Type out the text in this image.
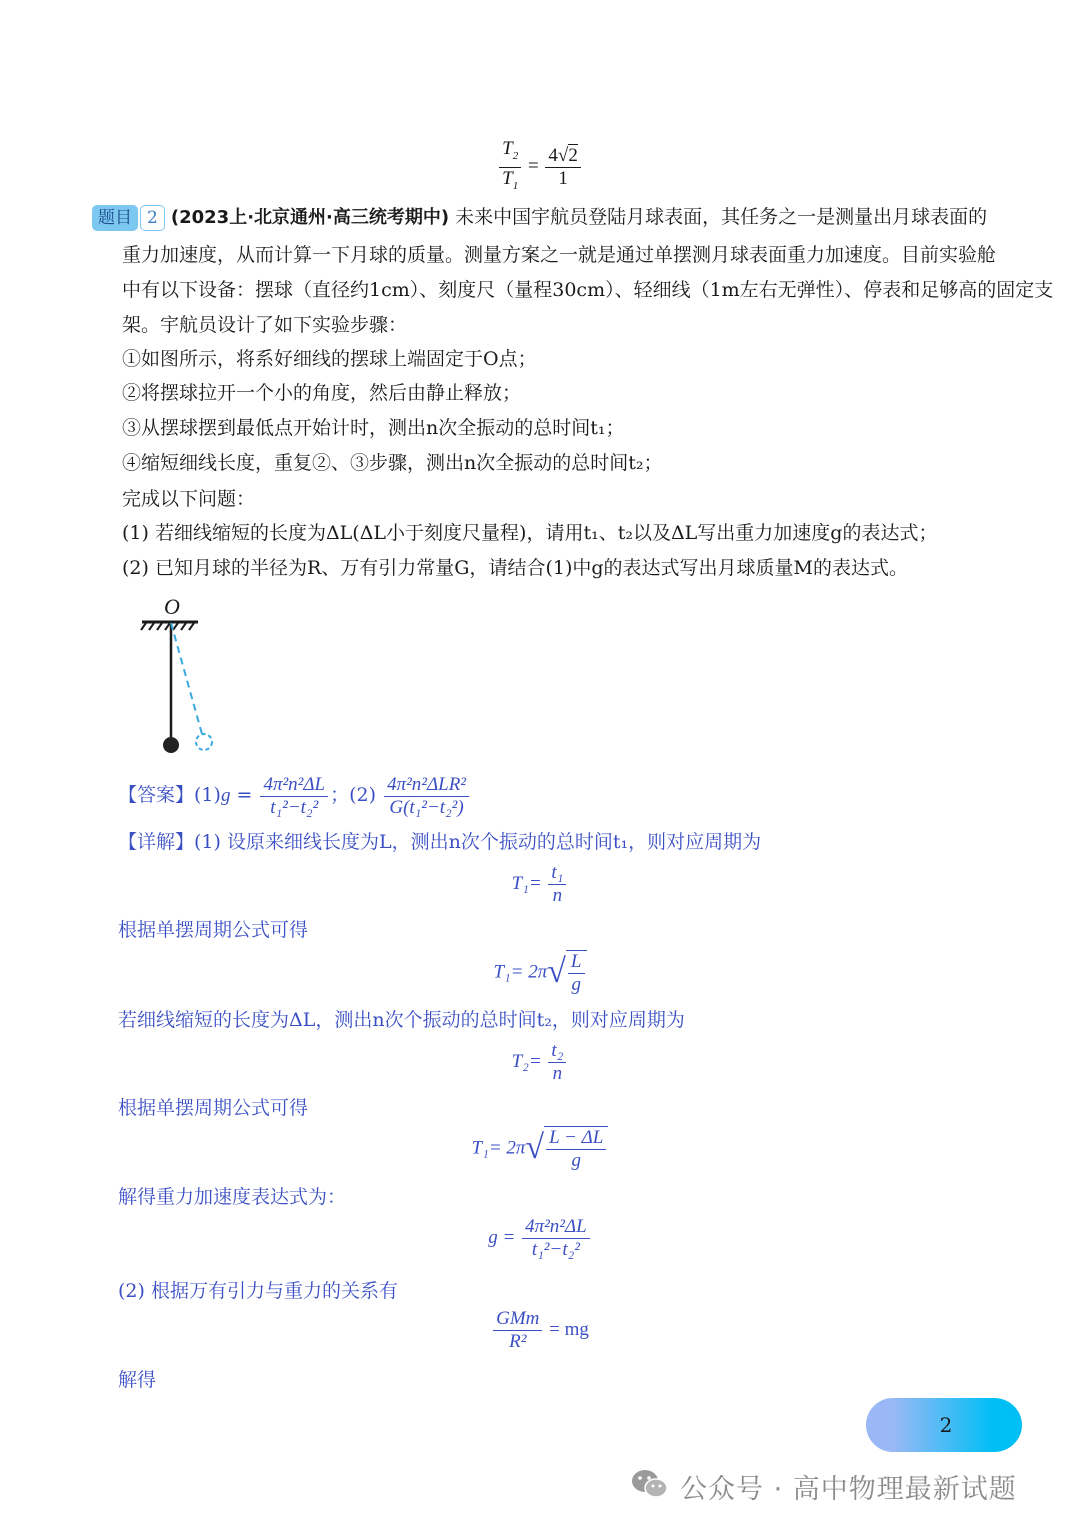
$\frac{T_2}{T_1} = \frac{4√2}{1}$
题目 2 (2023上·北京通州·高三统考期中) 未来中国宇航员登陆月球表面，其任务之一是测量出月球表面的
重力加速度，从而计算一下月球的质量。测量方案之一就是通过单摆测月球表面重力加速度。目前实验舱
中有以下设备：摆球（直径约1cm）、刻度尺（量程30cm）、轻细线（1m左右无弹性）、停表和足够高的固定支
架。宇航员设计了如下实验步骤：
①如图所示，将系好细线的摆球上端固定于O点；
②将摆球拉开一个小的角度，然后由静止释放；
③从摆球摆到最低点开始计时，测出n次全振动的总时间t₁；
④缩短细线长度，重复②、③步骤，测出n次全振动的总时间t₂；
完成以下问题：
(1) 若细线缩短的长度为ΔL(ΔL小于刻度尺量程)，请用t₁、t₂以及ΔL写出重力加速度g的表达式；
(2) 已知月球的半径为R、万有引力常量G，请结合(1)中g的表达式写出月球质量M的表达式。
O
【答案】$(1)g = \frac{\text{4π²n²ΔL}}{\text{t₁²−t₂²}}$ ；$(2) \frac{\text{4π²n²ΔLR²}}{\text{G(t₁²−t₂²)}}$
【详解】(1) 设原来细线长度为L，测出n次个振动的总时间t₁，则对应周期为
$T_1= \frac{\text{t₁}}{n}$
根据单摆周期公式可得
T₁= 2π √ $\frac{L}{g}$
若细线缩短的长度为ΔL，测出n次个振动的总时间t₂，则对应周期为
$T_2= \frac{\text{t₂}}{n}$
根据单摆周期公式可得
T₁= 2π √ $\frac{L - \Delta L}{g}$
解得重力加速度表达式为：
$g = \frac{\text{4π²n²ΔL}}{\text{t₁²−t₂²}}$
(2) 根据万有引力与重力的关系有
$\frac{\text{GMm}}{\text{R²}}$ = mg
解得
2
公众号 · 高中物理最新试题
